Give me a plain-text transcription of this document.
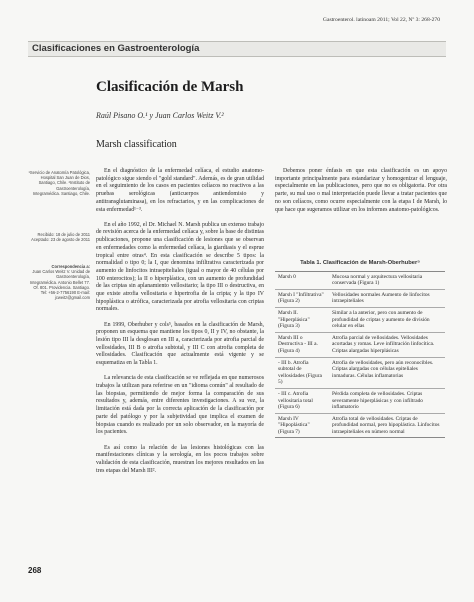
Gastroenterol. latinoam 2011; Vol 22, Nº 3: 268-270
Clasificaciones en Gastroenterología
Clasificación de Marsh
Raúl Pisano O.¹ y Juan Carlos Weitz V.²
Marsh classification

¹Servicio de Anatomía Patológica, Hospital San Juan de Dios, Santiago, Chile. ²Instituto de Gastroenterología, Integramédica. Santiago, Chile.

Recibido: 18 de julio de 2011

Aceptado: 23 de agosto de 2011

Correspondencia a:

Juan Carlos Weitz V. Unidad de Gastroenterología, Integramédica. Antonio Bellet 77. Of. 801. Providencia. Santiago. Tel: +56-2-7756190 E-mail: jcweitz@gmail.com

En el diagnóstico de la enfermedad celíaca, el estudio anatomo-patológico sigue siendo el "gold standard". Además, es de gran utilidad en el seguimiento de los casos en pacientes celíacos no reactivos a las pruebas serológicas (anticuerpos antiendomisio y antitransglutaminasa), en los refractarios, y en las complicaciones de esta enfermedad¹⁻³.

En el año 1992, el Dr. Michael N. Marsh publica un extenso trabajo de revisión acerca de la enfermedad celíaca y, sobre la base de distintas publicaciones, propone una clasificación de lesiones que se observan en enfermedades como la enfermedad celíaca, la giardiasis y el esprue tropical entre otras⁴. En esta clasificación se describe 5 tipos: la normalidad o tipo 0; la I, que denomina infiltrativa caracterizada por aumento de linfocitos intraepiteliales (igual o mayor de 40 células por 100 enterocitos); la II o hiperplástica, con un aumento de profundidad de las criptas sin aplanamiento vellositario; la tipo III o destructiva, en que existe atrofia vellositaria e hipertrofia de la cripta; y la tipo IV hipoplástica o atrófica, caracterizada por atrofia vellositaria con criptas normales.

En 1999, Oberhuber y cols⁵, basados en la clasificación de Marsh, proponen un esquema que mantiene los tipos 0, II y IV, no obstante, la lesión tipo III la desglosan en III a, caracterizada por atrofia parcial de vellosidades, III B o atrofia subtotal, y III C con atrofia completa de vellosidades. Clasificación que actualmente está vigente y se esquematiza en la Tabla 1.

La relevancia de esta clasificación se ve reflejada en que numerosos trabajos la utilizan para referirse en un "idioma común" al resultado de las biopsias, permitiendo de mejor forma la comparación de sus resultados y, además, entre diferentes investigaciones. A su vez, la limitación está dada por la correcta aplicación de la clasificación por parte del patólogo y por la subjetividad que implica el examen de biopsias cuando es realizado por un solo observador, en la mayoría de los pacientes.

Es así como la relación de las lesiones histológicas con las manifestaciones clínicas y la serología, en los pocos trabajos sobre validación de esta clasificación, muestran los mejores resultados en las tres etapas del Marsh III².

Debemos poner énfasis en que esta clasificación es un apoyo importante principalmente para estandarizar y homogenizar el lenguaje, especialmente en las publicaciones, pero que no es obligatoria. Por otra parte, su mal uso o mal interpretación puede llevar a tratar pacientes que no son celíacos, como ocurre especialmente con la etapa I de Marsh, lo que hace que sugeramos utilizar en los informes anatomo-patológicos.

Tabla 1. Clasificación de Marsh-Oberhuber⁵
Marsh 0	Mucosa normal y arquitectura vellositaria conservada (Figura 1)
Marsh I "Infiltrativa" (Figura 2)	Vellosidades normales Aumento de linfocitos intraepiteliales
Marsh II. "Hiperplásica" (Figura 3)	Similar a la anterior, pero con aumento de profundidad de criptas y aumento de división celular en ellas
Marsh III o Destructiva - III a. (Figura 4)	Atrofia parcial de vellosidades. Vellosidades acortadas y romas. Leve infiltración linfocítica. Criptas alargadas hiperplásicas
- III b. Atrofia subtotal de vellosidades (Figura 5)	Atrofia de vellosidades, pero aún reconocibles. Criptas alargadas con células epiteliales inmaduras. Células inflamatorias
- III c. Atrofia vellositaria total (Figura 6)	Pérdida completa de vellosidades. Criptas severamente hiperplásicas y con infiltrado inflamatorio
Marsh IV "Hipoplástica" (Figura 7)	Atrofia total de vellosidades. Criptas de profundidad normal, pero hipoplástica. Linfocitos intraepiteliales en número normal
268
